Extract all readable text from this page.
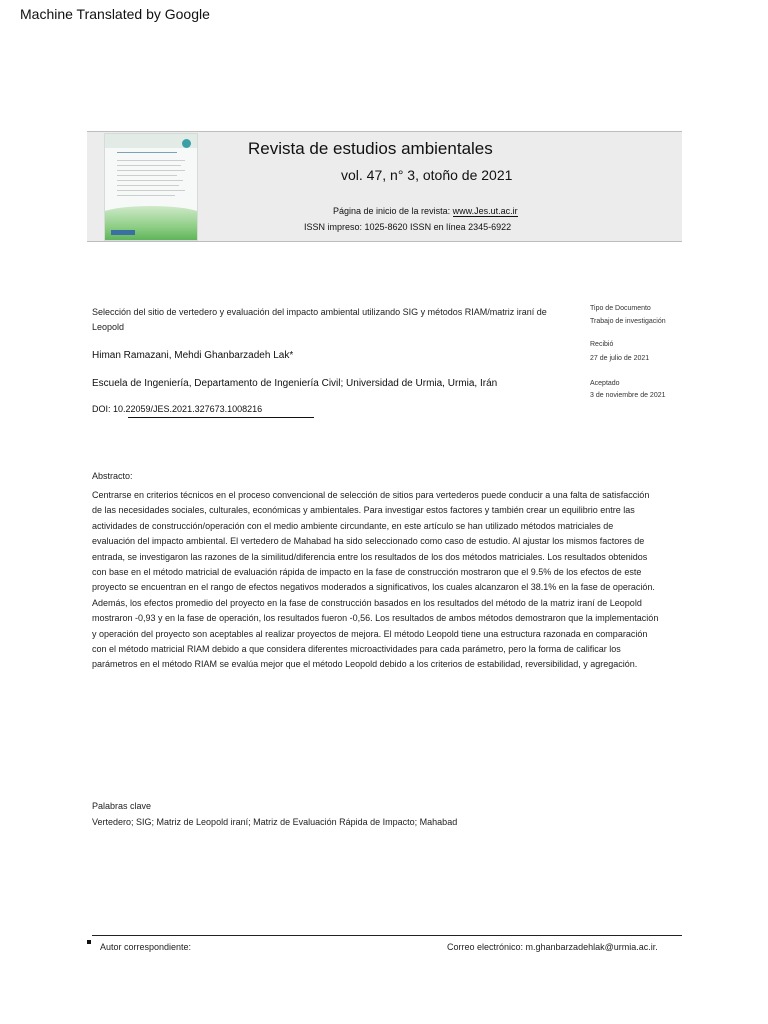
Machine Translated by Google
Revista de estudios ambientales
vol. 47, n° 3, otoño de 2021
Página de inicio de la revista: www.Jes.ut.ac.ir
ISSN impreso: 1025-8620 ISSN en línea 2345-6922
Selección del sitio de vertedero y evaluación del impacto ambiental utilizando SIG y métodos RIAM/matriz iraní de Leopold
Himan Ramazani, Mehdi Ghanbarzadeh Lak*
Escuela de Ingeniería, Departamento de Ingeniería Civil; Universidad de Urmia, Urmia, Irán
DOI: 10.22059/JES.2021.327673.1008216
Tipo de Documento
Trabajo de investigación
Recibió
27 de julio de 2021
Aceptado
3 de noviembre de 2021
Abstracto:
Centrarse en criterios técnicos en el proceso convencional de selección de sitios para vertederos puede conducir a una falta de satisfacción
de las necesidades sociales, culturales, económicas y ambientales. Para investigar estos factores y también crear un equilibrio entre las
actividades de construcción/operación con el medio ambiente circundante, en este artículo se han utilizado métodos matriciales de
evaluación del impacto ambiental. El vertedero de Mahabad ha sido seleccionado como caso de estudio. Al ajustar los mismos factores de
entrada, se investigaron las razones de la similitud/diferencia entre los resultados de los dos métodos matriciales. Los resultados obtenidos
con base en el método matricial de evaluación rápida de impacto en la fase de construcción mostraron que el 9.5% de los efectos de este
proyecto se encuentran en el rango de efectos negativos moderados a significativos, los cuales alcanzaron el 38.1% en la fase de operación.
Además, los efectos promedio del proyecto en la fase de construcción basados en los resultados del método de la matriz iraní de Leopold
mostraron -0,93 y en la fase de operación, los resultados fueron -0,56. Los resultados de ambos métodos demostraron que la implementación
y operación del proyecto son aceptables al realizar proyectos de mejora. El método Leopold tiene una estructura razonada en comparación
con el método matricial RIAM debido a que considera diferentes microactividades para cada parámetro, pero la forma de calificar los
parámetros en el método RIAM se evalúa mejor que el método Leopold debido a los criterios de estabilidad, reversibilidad, y agregación.
Palabras clave
Vertedero; SIG; Matriz de Leopold iraní; Matriz de Evaluación Rápida de Impacto; Mahabad
Autor correspondiente:	Correo electrónico: m.ghanbarzadehlak@urmia.ac.ir.
